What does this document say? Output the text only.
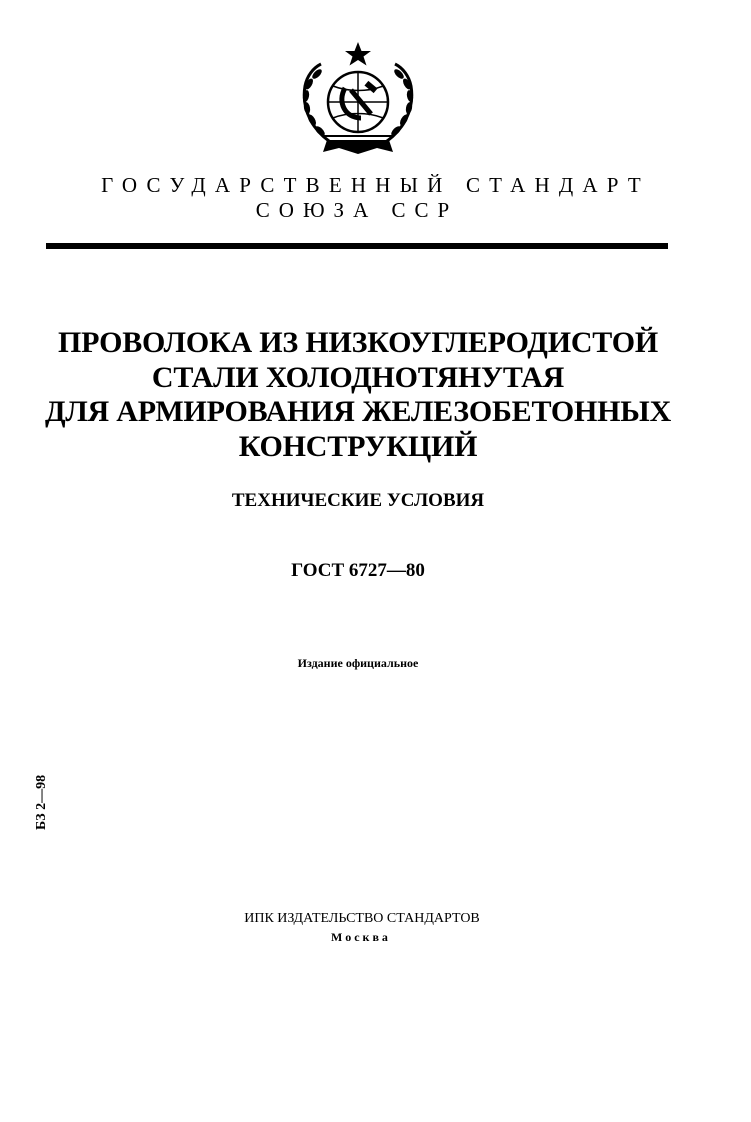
ГОСУДАРСТВЕННЫЙ СТАНДАРТ
СОЮЗА ССР
ПРОВОЛОКА ИЗ НИЗКОУГЛЕРОДИСТОЙ
СТАЛИ ХОЛОДНОТЯНУТАЯ
ДЛЯ АРМИРОВАНИЯ ЖЕЛЕЗОБЕТОННЫХ
КОНСТРУКЦИЙ
ТЕХНИЧЕСКИЕ УСЛОВИЯ
ГОСТ 6727—80
Издание официальное
БЗ 2—98
ИПК ИЗДАТЕЛЬСТВО СТАНДАРТОВ
Москва
